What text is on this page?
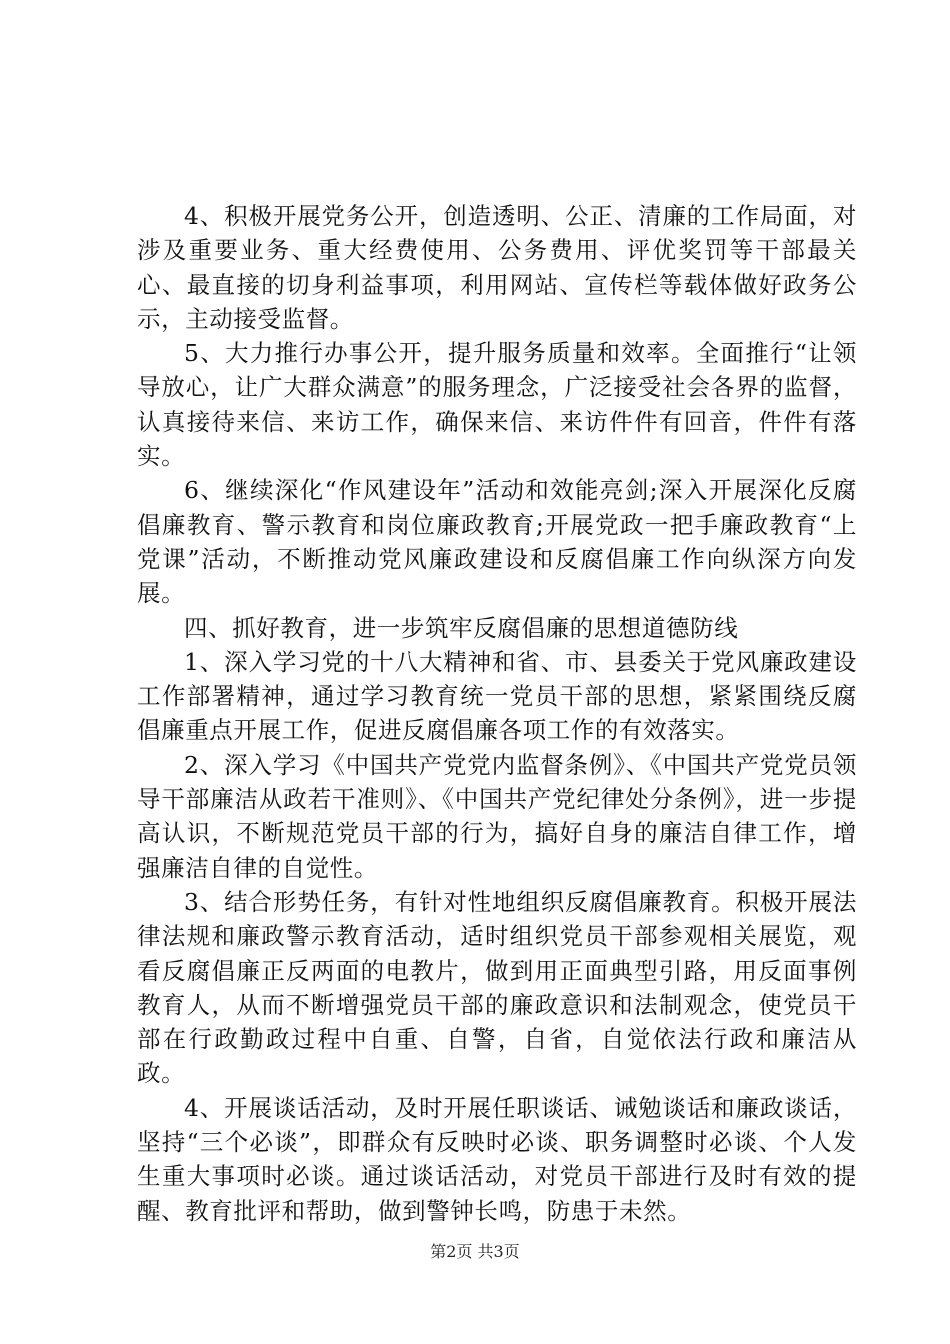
4、积极开展党务公开，创造透明、公正、清廉的工作局面，对涉及重要业务、重大经费使用、公务费用、评优奖罚等干部最关心、最直接的切身利益事项，利用网站、宣传栏等载体做好政务公示，主动接受监督。

5、大力推行办事公开，提升服务质量和效率。全面推行“让领导放心，让广大群众满意”的服务理念，广泛接受社会各界的监督，认真接待来信、来访工作，确保来信、来访件件有回音，件件有落实。

6、继续深化“作风建设年”活动和效能亮剑;深入开展深化反腐倡廉教育、警示教育和岗位廉政教育;开展党政一把手廉政教育“上党课”活动，不断推动党风廉政建设和反腐倡廉工作向纵深方向发展。

四、抓好教育，进一步筑牢反腐倡廉的思想道德防线

1、深入学习党的十八大精神和省、市、县委关于党风廉政建设工作部署精神，通过学习教育统一党员干部的思想，紧紧围绕反腐倡廉重点开展工作，促进反腐倡廉各项工作的有效落实。

2、深入学习《中国共产党党内监督条例》、《中国共产党党员领导干部廉洁从政若干准则》、《中国共产党纪律处分条例》，进一步提高认识，不断规范党员干部的行为，搞好自身的廉洁自律工作，增强廉洁自律的自觉性。

3、结合形势任务，有针对性地组织反腐倡廉教育。积极开展法律法规和廉政警示教育活动，适时组织党员干部参观相关展览，观看反腐倡廉正反两面的电教片，做到用正面典型引路，用反面事例教育人，从而不断增强党员干部的廉政意识和法制观念，使党员干部在行政勤政过程中自重、自警，自省，自觉依法行政和廉洁从政。

4、开展谈话活动，及时开展任职谈话、诫勉谈话和廉政谈话，坚持“三个必谈”，即群众有反映时必谈、职务调整时必谈、个人发生重大事项时必谈。通过谈话活动，对党员干部进行及时有效的提醒、教育批评和帮助，做到警钟长鸣，防患于未然。

第2页 共3页
